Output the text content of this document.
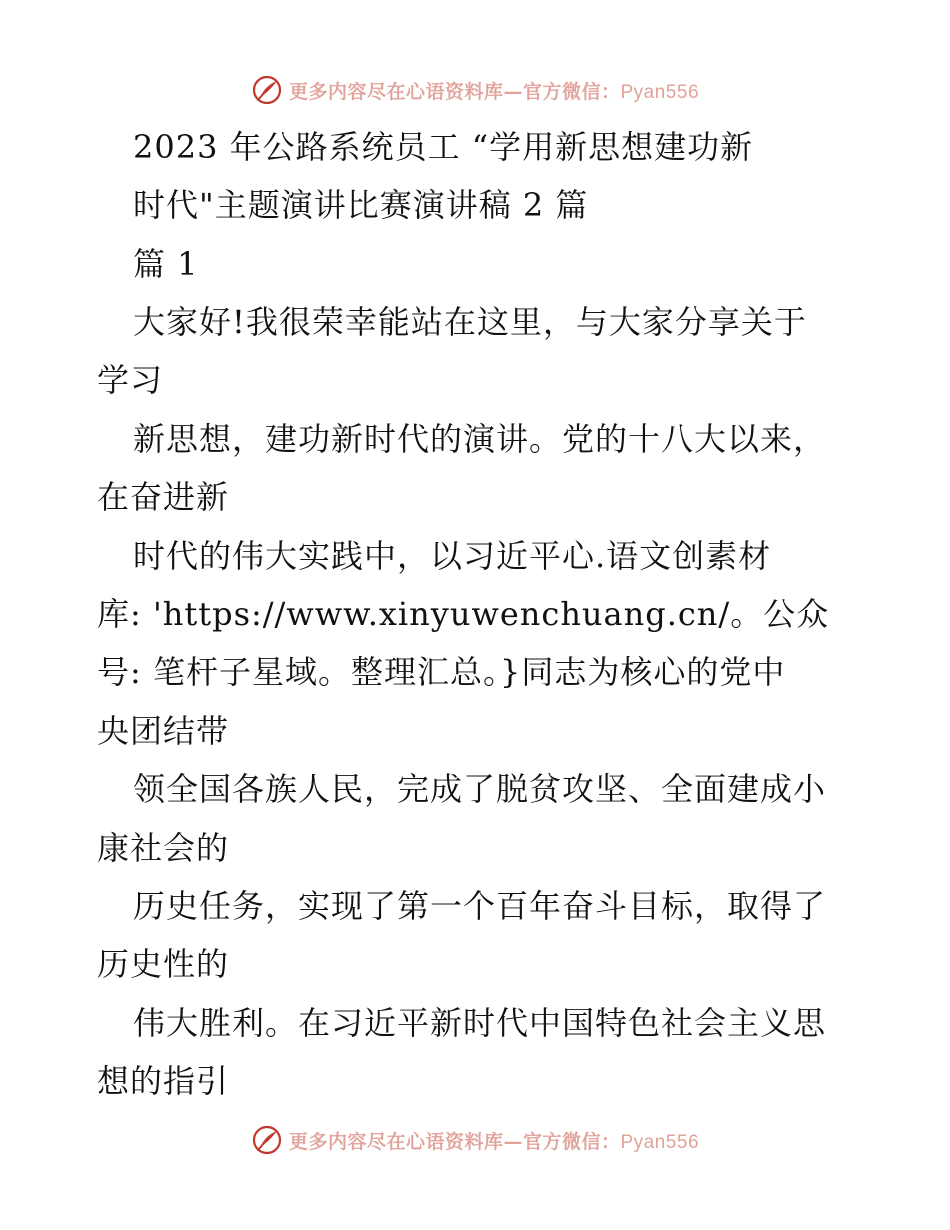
更多内容尽在心语资料库—官方微信：Pyan556
2023 年公路系统员工 “学用新思想建功新
时代"主题演讲比赛演讲稿 2 篇
篇 1
大家好!我很荣幸能站在这里，与大家分享关于
学习
新思想，建功新时代的演讲。党的十八大以来，
在奋进新
时代的伟大实践中，以习近平心.语文创素材
库: 'https://www.xinyuwenchuang.cn/。公众
号: 笔杆子星域。整理汇总。}同志为核心的党中
央团结带
领全国各族人民，完成了脱贫攻坚、全面建成小
康社会的
历史任务，实现了第一个百年奋斗目标，取得了
历史性的
伟大胜利。在习近平新时代中国特色社会主义思
想的指引
更多内容尽在心语资料库—官方微信：Pyan556
